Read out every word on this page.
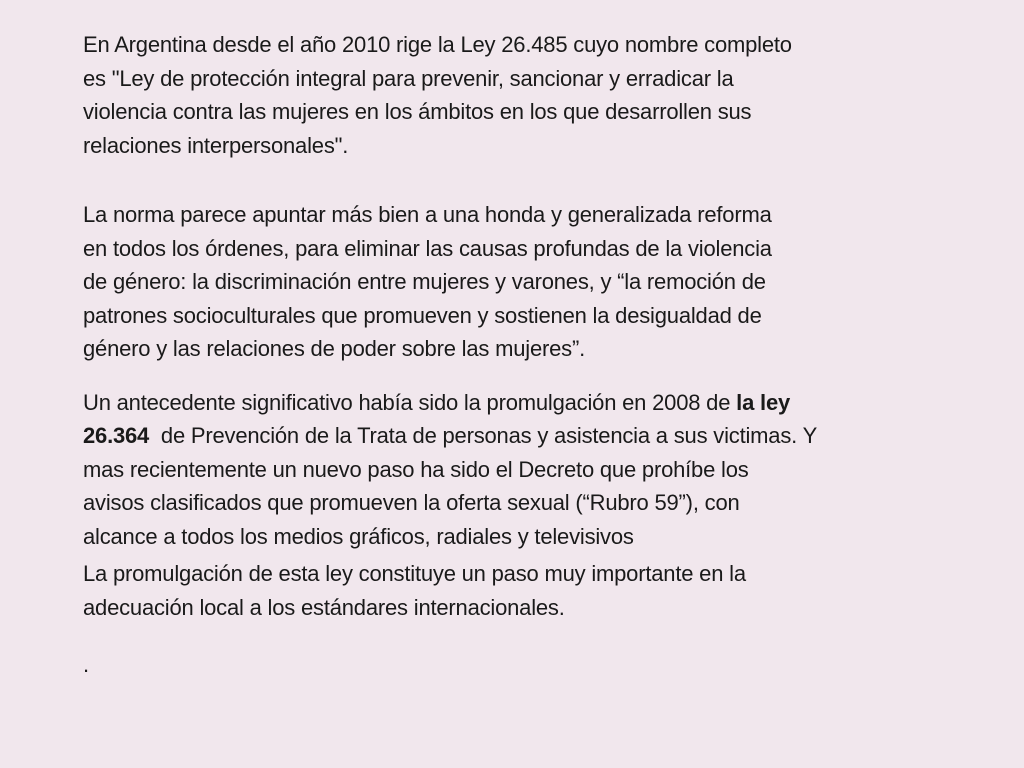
En Argentina desde el año 2010 rige la Ley 26.485 cuyo nombre completo
es "Ley de protección integral para prevenir, sancionar y erradicar la
violencia contra las mujeres en los ámbitos en los que desarrollen sus
relaciones interpersonales".
La norma parece apuntar más bien a una honda y generalizada reforma
en todos los órdenes, para eliminar las causas profundas de la violencia
de género: la discriminación entre mujeres y varones, y “la remoción de
patrones socioculturales que promueven y sostienen la desigualdad de
género y las relaciones de poder sobre las mujeres”.
Un antecedente significativo había sido la promulgación en 2008 de la ley
26.364  de Prevención de la Trata de personas y asistencia a sus victimas. Y
mas recientemente un nuevo paso ha sido el Decreto que prohíbe los
avisos clasificados que promueven la oferta sexual (“Rubro 59”), con
alcance a todos los medios gráficos, radiales y televisivos
La promulgación de esta ley constituye un paso muy importante en la
adecuación local a los estándares internacionales.
.
